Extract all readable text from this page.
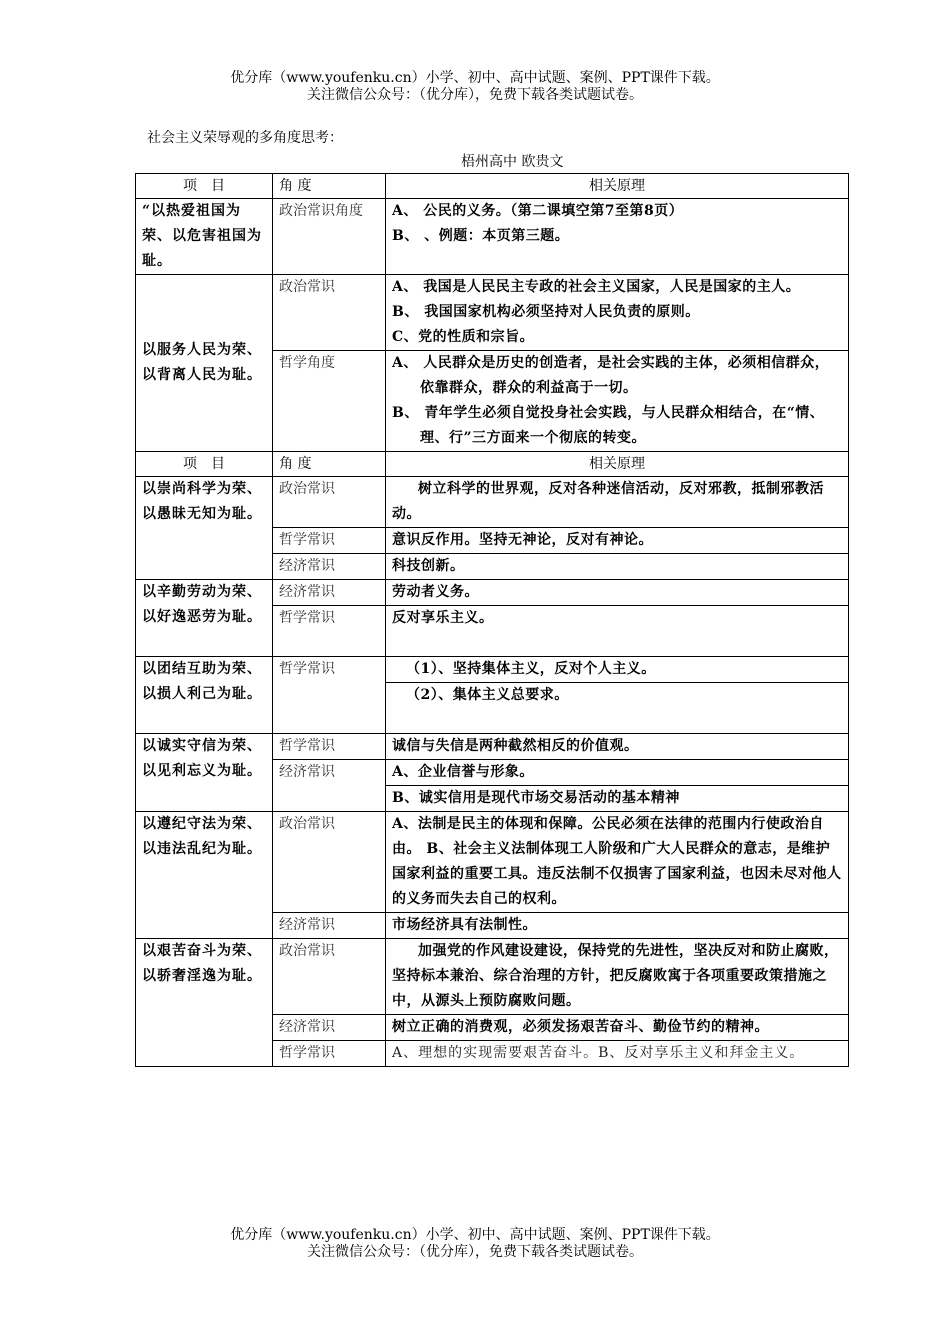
优分库（www.youfenku.cn）小学、初中、高中试题、案例、PPT课件下载。
关注微信公众号：（优分库），免费下载各类试题试卷。
社会主义荣辱观的多角度思考：
梧州高中 欧贵文
项　目	角 度	相关原理
“以热爱祖国为荣、以危害祖国为耻。	政治常识角度	A、 公民的义务。（第二课填空第7至第8页）
B、 、例题：本页第三题。

以服务人民为荣、以背离人民为耻。	政治常识	A、 我国是人民民主专政的社会主义国家，人民是国家的主人。
B、 我国国家机构必须坚持对人民负责的原则。
C、党的性质和宗旨。

	哲学角度	A、 人民群众是历史的创造者，是社会实践的主体，必须相信群众，依靠群众，群众的利益高于一切。
B、 青年学生必须自觉投身社会实践，与人民群众相结合，在“情、理、行”三方面来一个彻底的转变。

项　目	角 度	相关原理
以崇尚科学为荣、以愚昧无知为耻。	政治常识	树立科学的世界观，反对各种迷信活动，反对邪教，抵制邪教活动。
	哲学常识	意识反作用。坚持无神论，反对有神论。
	经济常识	科技创新。
以辛勤劳动为荣、以好逸恶劳为耻。	经济常识	劳动者义务。
	哲学常识	反对享乐主义。
以团结互助为荣、以损人利己为耻。	哲学常识	（1）、坚持集体主义，反对个人主义。
		（2）、集体主义总要求。
以诚实守信为荣、以见利忘义为耻。	哲学常识	诚信与失信是两种截然相反的价值观。
	经济常识	A、企业信誉与形象。
		B、诚实信用是现代市场交易活动的基本精神
以遵纪守法为荣、以违法乱纪为耻。	政治常识	A、法制是民主的体现和保障。公民必须在法律的范围内行使政治自由。 B、社会主义法制体现工人阶级和广大人民群众的意志，是维护国家利益的重要工具。违反法制不仅损害了国家利益，也因未尽对他人的义务而失去自己的权利。
	经济常识	市场经济具有法制性。
以艰苦奋斗为荣、以骄奢淫逸为耻。	政治常识	加强党的作风建设建设，保持党的先进性，坚决反对和防止腐败，坚持标本兼治、综合治理的方针，把反腐败寓于各项重要政策措施之中，从源头上预防腐败问题。
	经济常识	树立正确的消费观，必须发扬艰苦奋斗、勤俭节约的精神。
	哲学常识	A、理想的实现需要艰苦奋斗。B、反对享乐主义和拜金主义。
优分库（www.youfenku.cn）小学、初中、高中试题、案例、PPT课件下载。
关注微信公众号：（优分库），免费下载各类试题试卷。
